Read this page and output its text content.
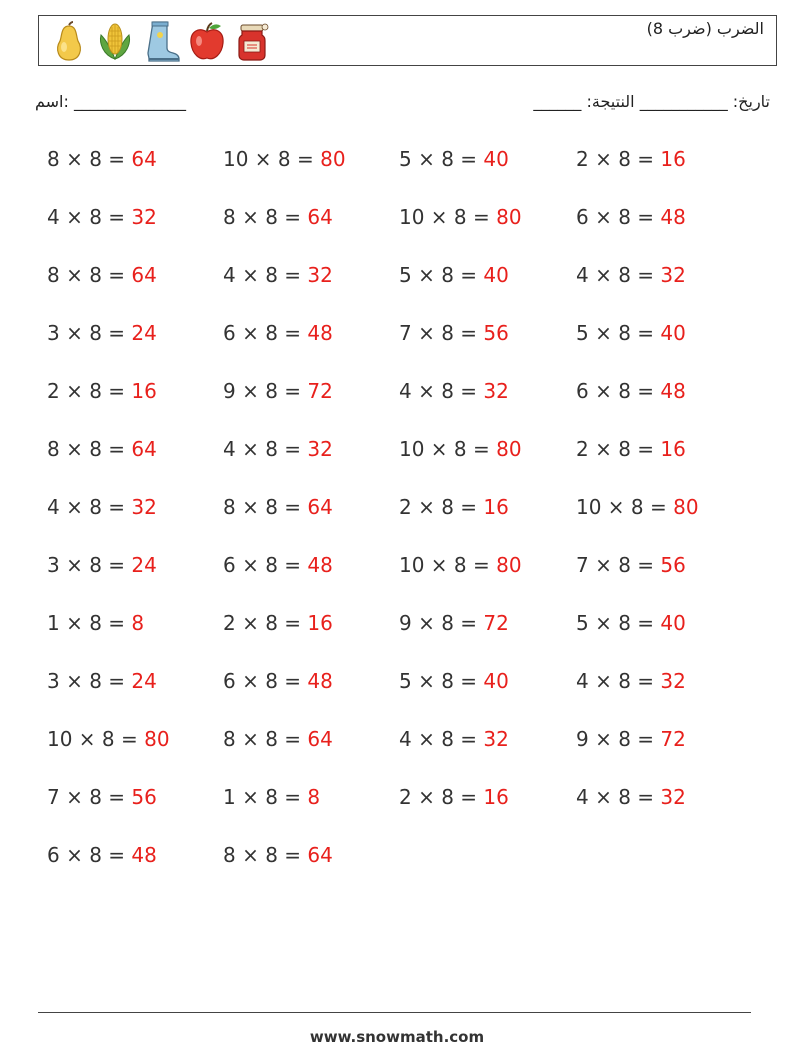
الضرب (ضرب 8)
اسم: ______________	______ :تاريخ: ___________ النتيجة
8 × 8 = 64
4 × 8 = 32
8 × 8 = 64
3 × 8 = 24
2 × 8 = 16
8 × 8 = 64
4 × 8 = 32
3 × 8 = 24
1 × 8 = 8
3 × 8 = 24
10 × 8 = 80
7 × 8 = 56
6 × 8 = 48
10 × 8 = 80
8 × 8 = 64
4 × 8 = 32
6 × 8 = 48
9 × 8 = 72
4 × 8 = 32
8 × 8 = 64
6 × 8 = 48
2 × 8 = 16
6 × 8 = 48
8 × 8 = 64
1 × 8 = 8
8 × 8 = 64
5 × 8 = 40
10 × 8 = 80
5 × 8 = 40
7 × 8 = 56
4 × 8 = 32
10 × 8 = 80
2 × 8 = 16
10 × 8 = 80
9 × 8 = 72
5 × 8 = 40
4 × 8 = 32
2 × 8 = 16
2 × 8 = 16
6 × 8 = 48
4 × 8 = 32
5 × 8 = 40
6 × 8 = 48
2 × 8 = 16
10 × 8 = 80
7 × 8 = 56
5 × 8 = 40
4 × 8 = 32
9 × 8 = 72
4 × 8 = 32
www.snowmath.com
